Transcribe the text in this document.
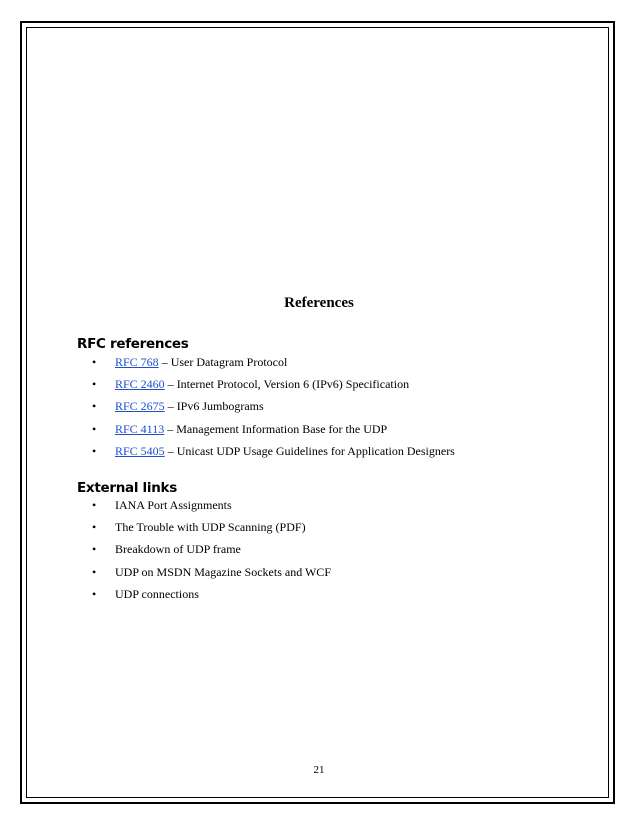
References
RFC references
• RFC 768 – User Datagram Protocol
• RFC 2460 – Internet Protocol, Version 6 (IPv6) Specification
• RFC 2675 – IPv6 Jumbograms
• RFC 4113 – Management Information Base for the UDP
• RFC 5405 – Unicast UDP Usage Guidelines for Application Designers
External links
• IANA Port Assignments
• The Trouble with UDP Scanning (PDF)
• Breakdown of UDP frame
• UDP on MSDN Magazine Sockets and WCF
• UDP connections
21
